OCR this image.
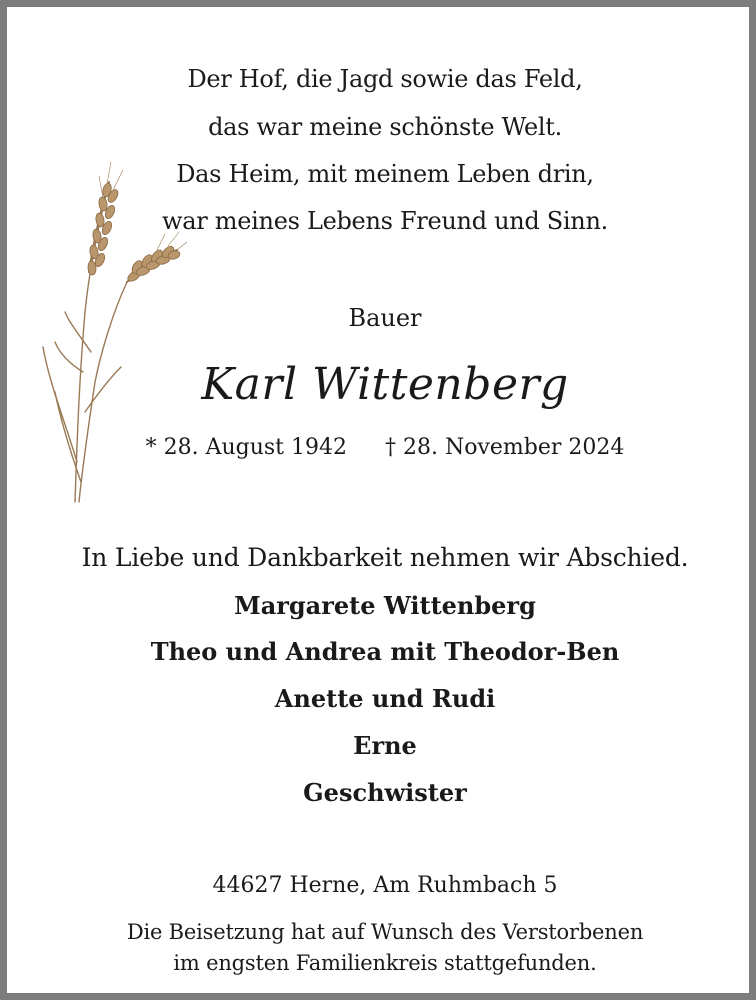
Der Hof, die Jagd sowie das Feld,
das war meine schönste Welt.
Das Heim, mit meinem Leben drin,
war meines Lebens Freund und Sinn.
Bauer
Karl Wittenberg
* 28. August 1942 † 28. November 2024
In Liebe und Dankbarkeit nehmen wir Abschied.
Margarete Wittenberg
Theo und Andrea mit Theodor-Ben
Anette und Rudi
Erne
Geschwister
44627 Herne, Am Ruhmbach 5
Die Beisetzung hat auf Wunsch des Verstorbenen
im engsten Familienkreis stattgefunden.
